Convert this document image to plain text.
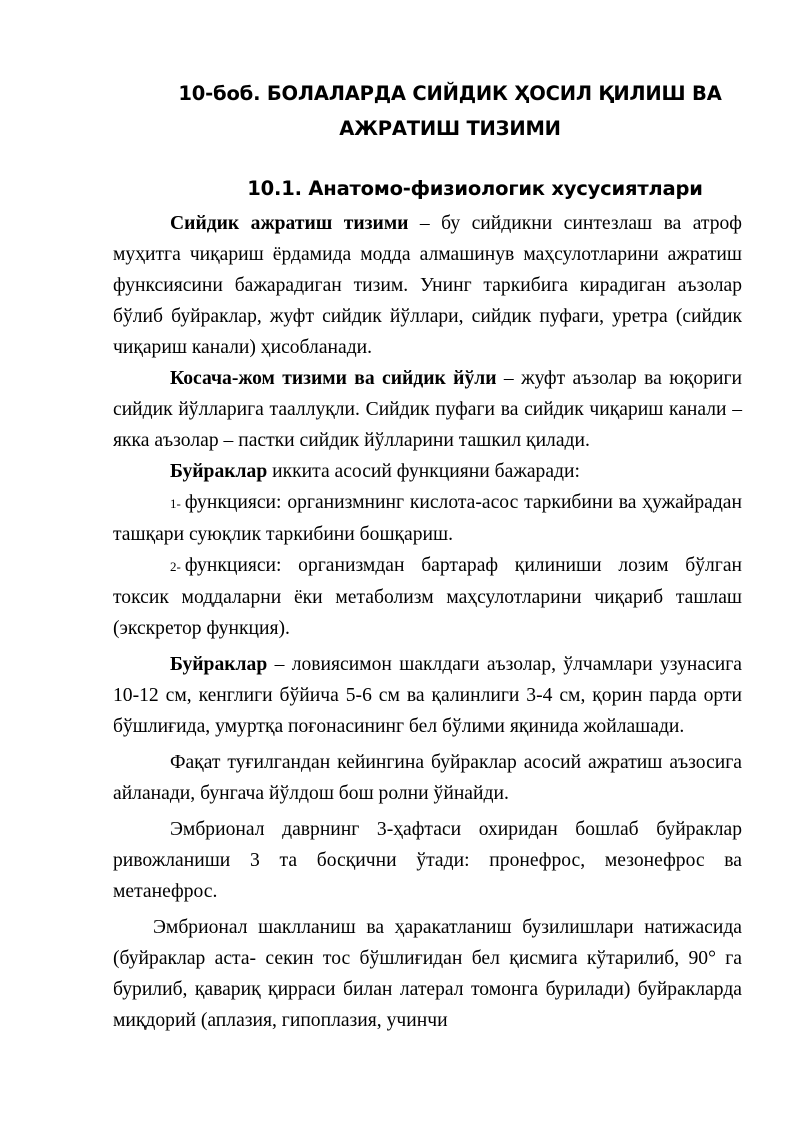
10-боб. БОЛАЛАРДА СИЙДИК ҲОСИЛ ҚИЛИШ ВА
АЖРАТИШ ТИЗИМИ
10.1. Анатомо-физиологик хусусиятлари

Сийдик ажратиш тизими – бу сийдикни синтезлаш ва атроф муҳитга чиқариш ёрдамида модда алмашинув маҳсулотларини ажратиш функсиясини бажарадиган тизим. Унинг таркибига кирадиган аъзолар бўлиб буйраклар, жуфт сийдик йўллари, сийдик пуфаги, уретра (сийдик чиқариш канали) ҳисобланади.

Косача-жом тизими ва сийдик йўли – жуфт аъзолар ва юқориги сийдик йўлларига тааллуқли. Сийдик пуфаги ва сийдик чиқариш канали – якка аъзолар – пастки сийдик йўлларини ташкил қилади.

Буйраклар иккита асосий функцияни бажаради:

1- функцияси: организмнинг кислота-асос таркибини ва ҳужайрадан ташқари суюқлик таркибини бошқариш.

2- функцияси: организмдан бартараф қилиниши лозим бўлган токсик моддаларни ёки метаболизм маҳсулотларини чиқариб ташлаш (экскретор функция).

Буйраклар – ловиясимон шаклдаги аъзолар, ўлчамлари узунасига 10-12 см, кенглиги бўйича 5-6 см ва қалинлиги 3-4 см, қорин парда орти бўшлиғида, умуртқа поғонасининг бел бўлими яқинида жойлашади.

Фақат туғилгандан кейингина буйраклар асосий ажратиш аъзосига айланади, бунгача йўлдош бош ролни ўйнайди.

Эмбрионал даврнинг 3-ҳафтаси охиридан бошлаб буйраклар ривожланиши 3 та босқични ўтади: пронефрос, мезонефрос ва метанефрос.

Эмбрионал шаклланиш ва ҳаракатланиш бузилишлари натижасида (буйраклар аста- секин тос бўшлиғидан бел қисмига кўтарилиб, 90° га бурилиб, қавариқ қирраси билан латерал томонга бурилади) буйракларда миқдорий (аплазия, гипоплазия, учинчи
